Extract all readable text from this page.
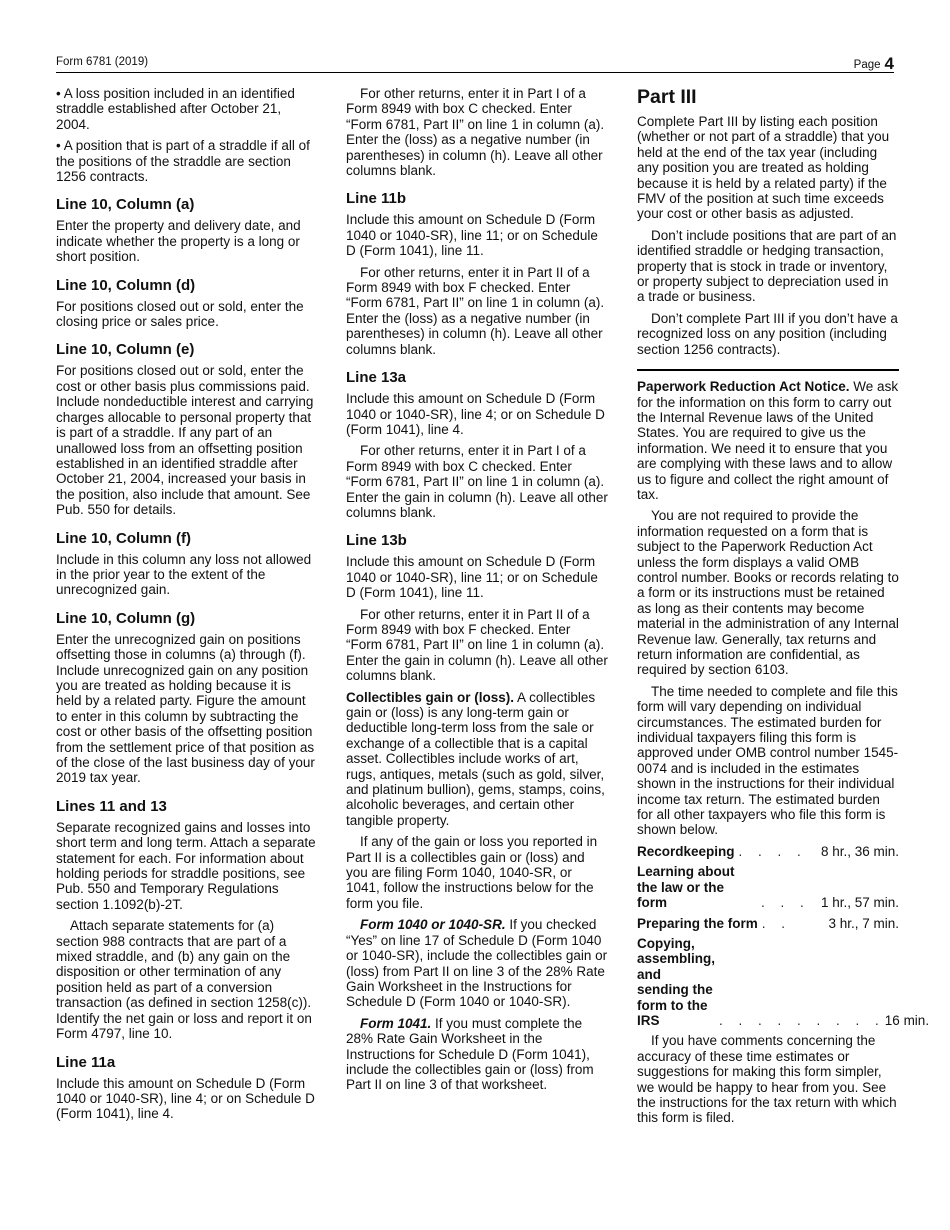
Form 6781 (2019)	Page 4

• A loss position included in an identified straddle established after October 21, 2004.

• A position that is part of a straddle if all of the positions of the straddle are section 1256 contracts.

Line 10, Column (a)

Enter the property and delivery date, and indicate whether the property is a long or short position.

Line 10, Column (d)

For positions closed out or sold, enter the closing price or sales price.

Line 10, Column (e)

For positions closed out or sold, enter the cost or other basis plus commissions paid. Include nondeductible interest and carrying charges allocable to personal property that is part of a straddle. If any part of an unallowed loss from an offsetting position established in an identified straddle after October 21, 2004, increased your basis in the position, also include that amount. See Pub. 550 for details.

Line 10, Column (f)

Include in this column any loss not allowed in the prior year to the extent of the unrecognized gain.

Line 10, Column (g)

Enter the unrecognized gain on positions offsetting those in columns (a) through (f). Include unrecognized gain on any position you are treated as holding because it is held by a related party. Figure the amount to enter in this column by subtracting the cost or other basis of the offsetting position from the settlement price of that position as of the close of the last business day of your 2019 tax year.

Lines 11 and 13

Separate recognized gains and losses into short term and long term. Attach a separate statement for each. For information about holding periods for straddle positions, see Pub. 550 and Temporary Regulations section 1.1092(b)-2T.

Attach separate statements for (a) section 988 contracts that are part of a mixed straddle, and (b) any gain on the disposition or other termination of any position held as part of a conversion transaction (as defined in section 1258(c)). Identify the net gain or loss and report it on Form 4797, line 10.

Line 11a

Include this amount on Schedule D (Form 1040 or 1040-SR), line 4; or on Schedule D (Form 1041), line 4.

For other returns, enter it in Part I of a Form 8949 with box C checked. Enter “Form 6781, Part II” on line 1 in column (a). Enter the (loss) as a negative number (in parentheses) in column (h). Leave all other columns blank.

Line 11b

Include this amount on Schedule D (Form 1040 or 1040-SR), line 11; or on Schedule D (Form 1041), line 11.

For other returns, enter it in Part II of a Form 8949 with box F checked. Enter “Form 6781, Part II” on line 1 in column (a). Enter the (loss) as a negative number (in parentheses) in column (h). Leave all other columns blank.

Line 13a

Include this amount on Schedule D (Form 1040 or 1040-SR), line 4; or on Schedule D (Form 1041), line 4.

For other returns, enter it in Part I of a Form 8949 with box C checked. Enter “Form 6781, Part II” on line 1 in column (a). Enter the gain in column (h). Leave all other columns blank.

Line 13b

Include this amount on Schedule D (Form 1040 or 1040-SR), line 11; or on Schedule D (Form 1041), line 11.

For other returns, enter it in Part II of a Form 8949 with box F checked. Enter “Form 6781, Part II” on line 1 in column (a). Enter the gain in column (h). Leave all other columns blank.

Collectibles gain or (loss). A collectibles gain or (loss) is any long-term gain or deductible long-term loss from the sale or exchange of a collectible that is a capital asset. Collectibles include works of art, rugs, antiques, metals (such as gold, silver, and platinum bullion), gems, stamps, coins, alcoholic beverages, and certain other tangible property.

If any of the gain or loss you reported in Part II is a collectibles gain or (loss) and you are filing Form 1040, 1040-SR, or 1041, follow the instructions below for the form you file.

Form 1040 or 1040-SR. If you checked “Yes” on line 17 of Schedule D (Form 1040 or 1040-SR), include the collectibles gain or (loss) from Part II on line 3 of the 28% Rate Gain Worksheet in the Instructions for Schedule D (Form 1040 or 1040-SR).

Form 1041. If you must complete the 28% Rate Gain Worksheet in the Instructions for Schedule D (Form 1041), include the collectibles gain or (loss) from Part II on line 3 of that worksheet.

Part III

Complete Part III by listing each position (whether or not part of a straddle) that you held at the end of the tax year (including any position you are treated as holding because it is held by a related party) if the FMV of the position at such time exceeds your cost or other basis as adjusted.

Don’t include positions that are part of an identified straddle or hedging transaction, property that is stock in trade or inventory, or property subject to depreciation used in a trade or business.

Don’t complete Part III if you don’t have a recognized loss on any position (including section 1256 contracts).

Paperwork Reduction Act Notice. We ask for the information on this form to carry out the Internal Revenue laws of the United States. You are required to give us the information. We need it to ensure that you are complying with these laws and to allow us to figure and collect the right amount of tax.

You are not required to provide the information requested on a form that is subject to the Paperwork Reduction Act unless the form displays a valid OMB control number. Books or records relating to a form or its instructions must be retained as long as their contents may become material in the administration of any Internal Revenue law. Generally, tax returns and return information are confidential, as required by section 6103.

The time needed to complete and file this form will vary depending on individual circumstances. The estimated burden for individual taxpayers filing this form is approved under OMB control number 1545-0074 and is included in the estimates shown in the instructions for their individual income tax return. The estimated burden for all other taxpayers who file this form is shown below.

Recordkeeping . . . .	8 hr., 36 min.
Learning about the law or the form	. . . 1 hr., 57 min.
Preparing the form . .	3 hr., 7 min.
Copying, assembling, and sending the form to the IRS	. . . . . . . . . 16 min.

If you have comments concerning the accuracy of these time estimates or suggestions for making this form simpler, we would be happy to hear from you. See the instructions for the tax return with which this form is filed.
